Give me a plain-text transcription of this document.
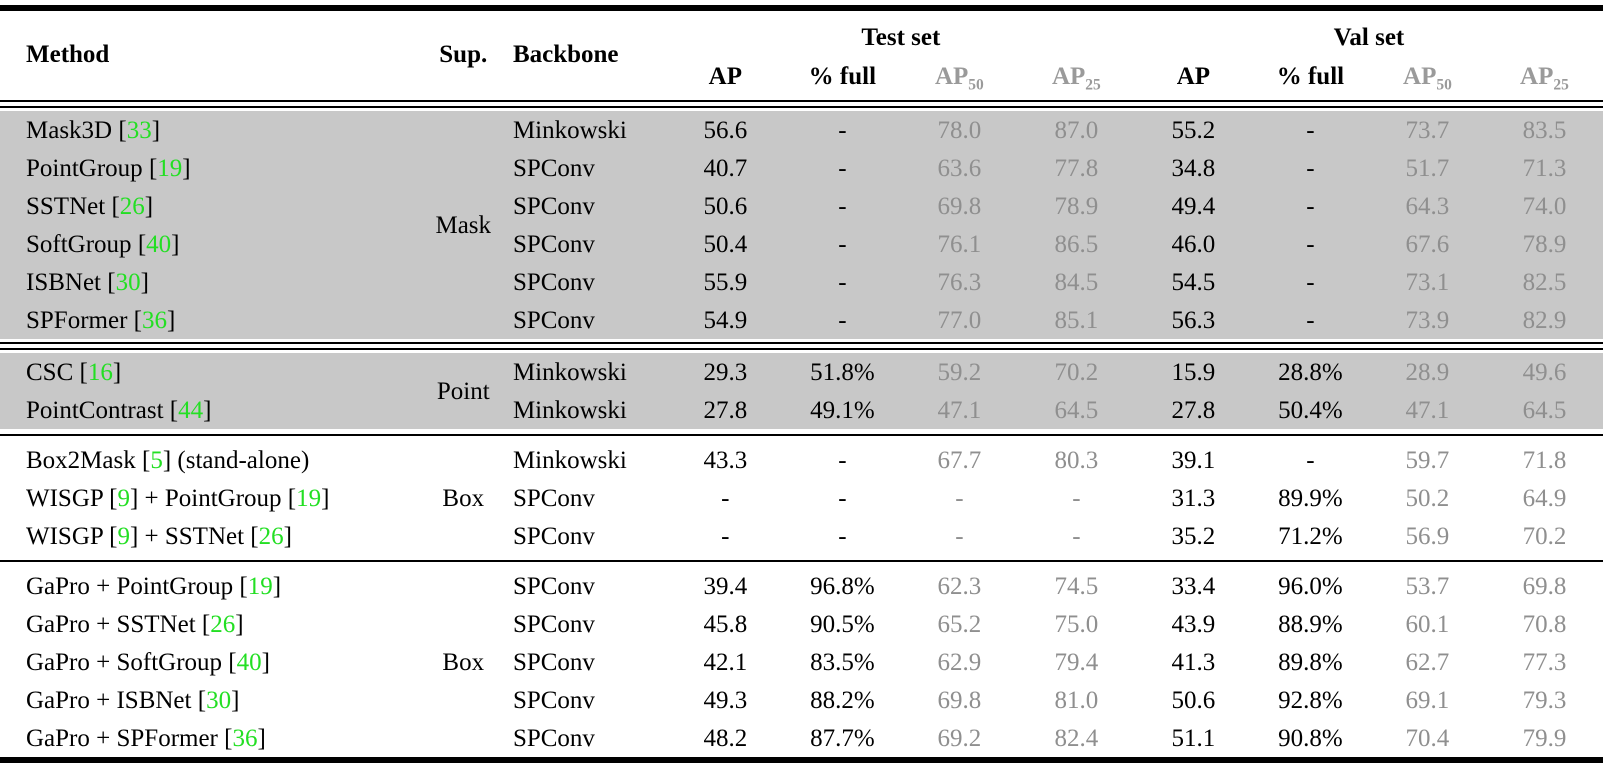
Method	Sup.	Backbone	Test set				Val set			
			AP	% full	$AP_{50}$	$AP_{25}$	AP	% full	$AP_{50}$	$AP_{25}$

Mask3D [33]	Mask	Minkowski	56.6	-	78.0	87.0	55.2	-	73.7	83.5
PointGroup [19]		SPConv	40.7	-	63.6	77.8	34.8	-	51.7	71.3
SSTNet [26]		SPConv	50.6	-	69.8	78.9	49.4	-	64.3	74.0
SoftGroup [40]		SPConv	50.4	-	76.1	86.5	46.0	-	67.6	78.9
ISBNet [30]		SPConv	55.9	-	76.3	84.5	54.5	-	73.1	82.5
SPFormer [36]		SPConv	54.9	-	77.0	85.1	56.3	-	73.9	82.9

CSC [16]	Point	Minkowski	29.3	51.8%	59.2	70.2	15.9	28.8%	28.9	49.6
PointContrast [44]		Minkowski	27.8	49.1%	47.1	64.5	27.8	50.4%	47.1	64.5

Box2Mask [5] (stand-alone)	Box	Minkowski	43.3	-	67.7	80.3	39.1	-	59.7	71.8
WISGP [9] + PointGroup [19]		SPConv	-	-	-	-	31.3	89.9%	50.2	64.9
WISGP [9] + SSTNet [26]		SPConv	-	-	-	-	35.2	71.2%	56.9	70.2

GaPro + PointGroup [19]	Box	SPConv	39.4	96.8%	62.3	74.5	33.4	96.0%	53.7	69.8
GaPro + SSTNet [26]		SPConv	45.8	90.5%	65.2	75.0	43.9	88.9%	60.1	70.8
GaPro + SoftGroup [40]		SPConv	42.1	83.5%	62.9	79.4	41.3	89.8%	62.7	77.3
GaPro + ISBNet [30]		SPConv	49.3	88.2%	69.8	81.0	50.6	92.8%	69.1	79.3
GaPro + SPFormer [36]		SPConv	48.2	87.7%	69.2	82.4	51.1	90.8%	70.4	79.9
